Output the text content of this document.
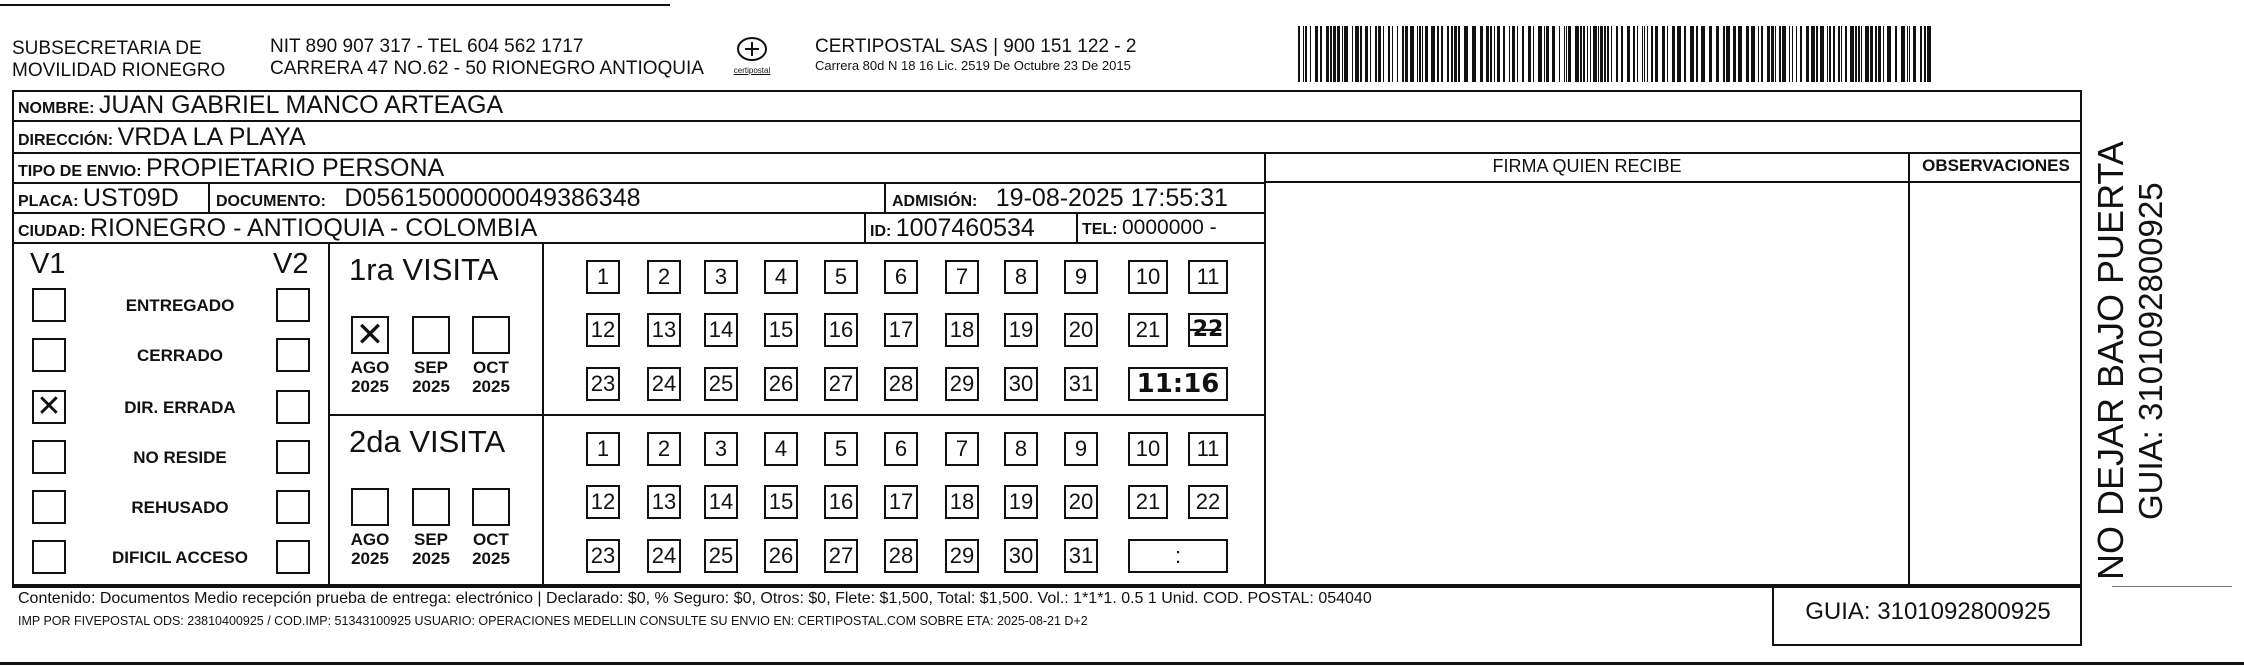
SUBSECRETARIA DE
MOVILIDAD RIONEGRO
NIT 890 907 317 - TEL 604 562 1717
CARRERA 47 NO.62 - 50 RIONEGRO ANTIOQUIA	certipostal
CERTIPOSTAL SAS | 900 151 122 - 2
Carrera 80d N 18 16 Lic. 2519 De Octubre 23 De 2015
NOMBRE: JUAN GABRIEL MANCO ARTEAGA
DIRECCIÓN: VRDA LA PLAYA
TIPO DE ENVIO: PROPIETARIO PERSONA
PLACA: UST09D DOCUMENTO: D05615000000049386348	ADMISIÓN: 19-08-2025 17:55:31
CIUDAD: RIONEGRO - ANTIOQUIA - COLOMBIA	ID: 1007460534	TEL: 0000000 -
FIRMA QUIEN RECIBE	OBSERVACIONES
V1	V2
ENTREGADO
CERRADO
✕	DIR. ERRADA
NO RESIDE
REHUSADO
DIFICIL ACCESO
1ra VISITA
2da VISITA
✕
AGO
2025
SEP
2025
OCT
2025
1	2	3	4	5	6	7	8	9	10	11
12 13 14 15 16 17 18 19 20	21	2̶2̶
23 24 25 26 27 28 29 30 31	11:16
AGO
2025
SEP
2025
OCT
2025
1	2	3	4	5	6	7	8	9	10	11
12 13 14 15 16 17 18 19 20	21	22
23 24 25 26 27 28 29 30 31	:
Contenido: Documentos Medio recepción prueba de entrega: electrónico | Declarado: $0, % Seguro: $0, Otros: $0, Flete: $1,500, Total: $1,500. Vol.: 1*1*1. 0.5 1 Unid. COD. POSTAL: 054040
IMP POR FIVEPOSTAL ODS: 23810400925 / COD.IMP: 51343100925 USUARIO: OPERACIONES MEDELLIN CONSULTE SU ENVIO EN: CERTIPOSTAL.COM SOBRE ETA: 2025-08-21 D+2	GUIA: 3101092800925
NO DEJAR BAJO PUERTA GUIA: 3101092800925
